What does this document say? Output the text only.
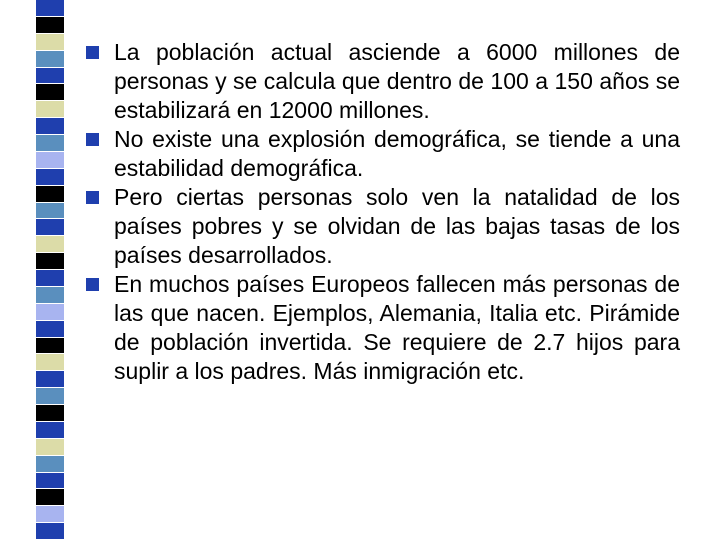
La población actual asciende a 6000 millones de personas y se calcula que dentro de 100 a 150 años se estabilizará en 12000 millones.
No existe una explosión demográfica, se tiende a una estabilidad demográfica.
Pero ciertas personas solo ven la natalidad de los países pobres y se olvidan de las bajas tasas de los países desarrollados.
En muchos países Europeos fallecen más personas de las que nacen. Ejemplos, Alemania, Italia etc. Pirámide de población invertida. Se requiere de 2.7 hijos para suplir a los padres. Más inmigración etc.
